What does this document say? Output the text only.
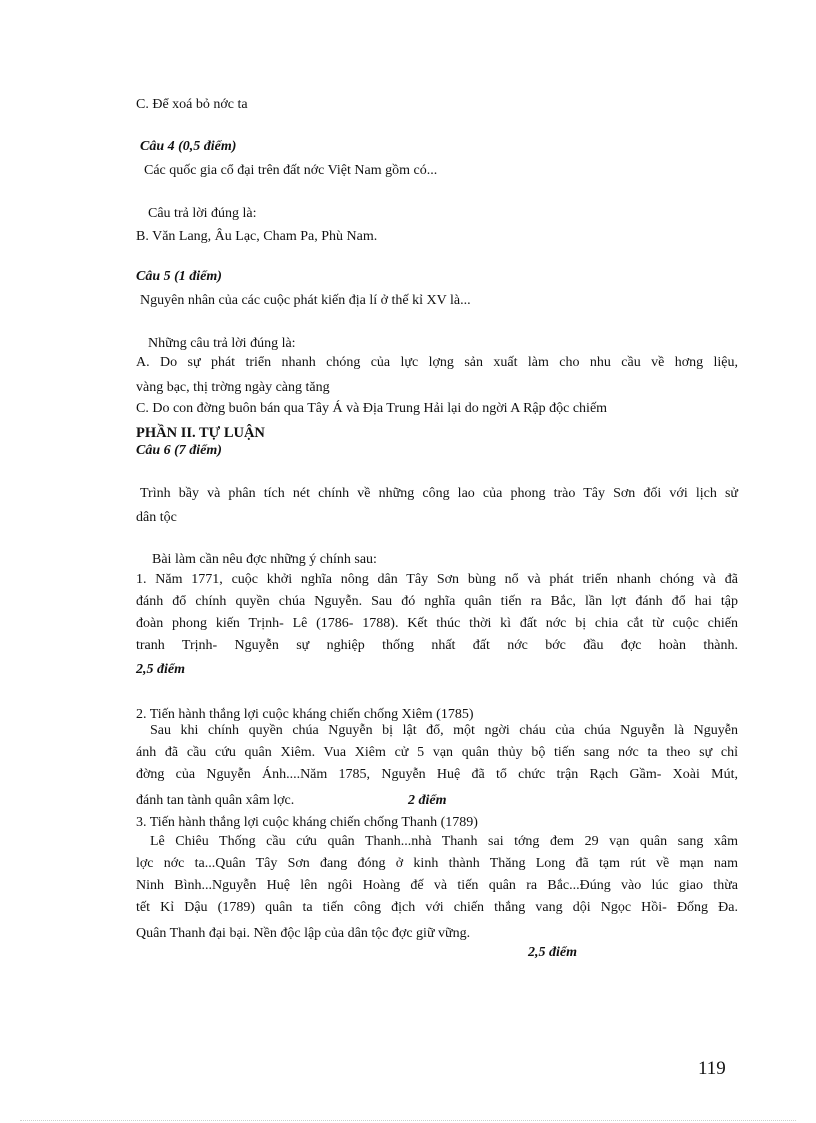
C. Để xoá bỏ nớc ta
Câu 4 (0,5 điểm)
Các quốc gia cổ đại trên đất nớc Việt Nam gồm có...
Câu trả lời đúng là:
B. Văn Lang, Âu Lạc, Cham Pa, Phù Nam.
Câu 5 (1 điểm)
Nguyên nhân của các cuộc phát kiến địa lí ở thế kỉ XV là...
Những câu trả lời đúng là:
A. Do sự phát triển nhanh chóng của lực lợng sản xuất làm cho nhu cầu về hơng liệu,
vàng bạc, thị trờng ngày càng tăng
C. Do con đờng buôn bán qua Tây Á và Địa Trung Hải lại do ngời A Rập độc chiếm
PHẦN II. TỰ LUẬN
Câu 6 (7 điểm)
Trình bầy và phân tích nét chính về những công lao của phong trào Tây Sơn đối với lịch sử
dân tộc
Bài làm cần nêu đợc những ý chính sau:
1. Năm 1771, cuộc khởi nghĩa nông dân Tây Sơn bùng nổ và phát triển nhanh chóng và đã
đánh đổ chính quyền chúa Nguyễn. Sau đó nghĩa quân tiến ra Bắc, lần lợt đánh đổ hai tập
đoàn phong kiến Trịnh- Lê (1786- 1788). Kết thúc thời kì đất nớc bị chia cắt từ cuộc chiến
tranh Trịnh- Nguyễn sự nghiệp thống nhất đất nớc bớc đầu đợc hoàn thành.
2,5 điểm
2. Tiến hành thắng lợi cuộc kháng chiến chống Xiêm (1785)
Sau khi chính quyền chúa Nguyễn bị lật đổ, một ngời cháu của chúa Nguyễn là Nguyễn
ánh đã cầu cứu quân Xiêm. Vua Xiêm cử 5 vạn quân thủy bộ tiến sang nớc ta theo sự chỉ
đờng của Nguyễn Ánh....Năm 1785, Nguyễn Huệ đã tổ chức trận Rạch Gầm- Xoài Mút,
đánh tan tành quân xâm lợc.	2 điểm
3. Tiến hành thắng lợi cuộc kháng chiến chống Thanh (1789)
Lê Chiêu Thống cầu cứu quân Thanh...nhà Thanh sai tớng đem 29 vạn quân sang xâm
lợc nớc ta...Quân Tây Sơn đang đóng ở kinh thành Thăng Long đã tạm rút về mạn nam
Ninh Bình...Nguyễn Huệ lên ngôi Hoàng đế và tiến quân ra Bắc...Đúng vào lúc giao thừa
tết Kỉ Dậu (1789) quân ta tiến công địch với chiến thắng vang dội Ngọc Hồi- Đống Đa.
Quân Thanh đại bại. Nền độc lập của dân tộc đợc giữ vững.
2,5 điểm
119
